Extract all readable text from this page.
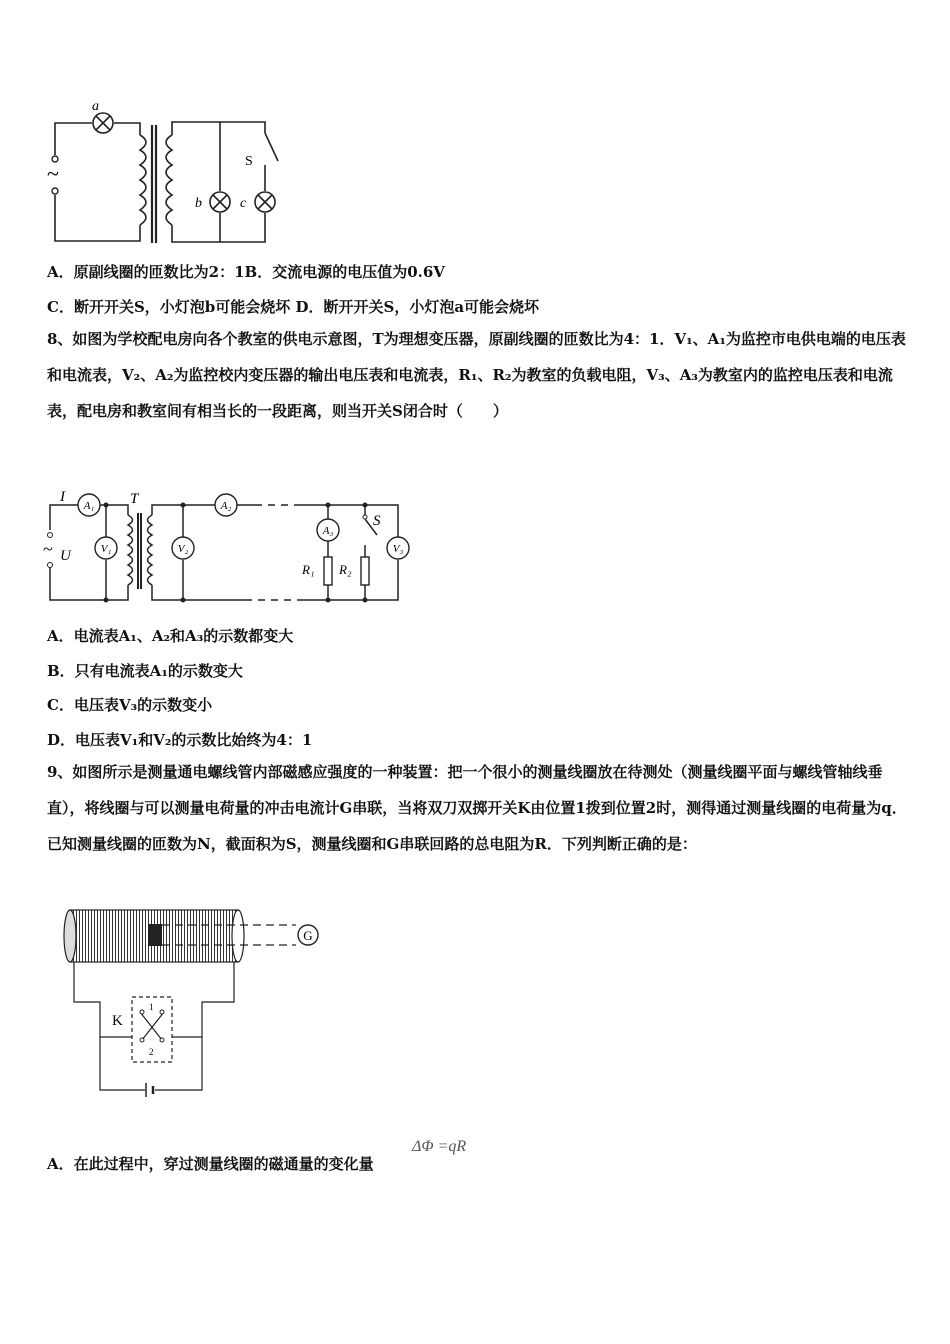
~
a
b	c
S
A．原副线圈的匝数比为2：1B．交流电源的电压值为0.6V
C．断开开关S，小灯泡b可能会烧坏 D．断开开关S，小灯泡a可能会烧坏
8、如图为学校配电房向各个教室的供电示意图，T为理想变压器，原副线圈的匝数比为4：1．V₁、A₁为监控市电供电端的电压表和电流表，V₂、A₂为监控校内变压器的输出电压表和电流表，R₁、R₂为教室的负载电阻，V₃、A₃为教室内的监控电压表和电流表，配电房和教室间有相当长的一段距离，则当开关S闭合时（　　）
A₁
V₁	V₂
A₂
A₃
V₃
I
U
T
S
R₁ R₂
~
A．电流表A₁、A₂和A₃的示数都变大
B．只有电流表A₁的示数变大
C．电压表V₃的示数变小
D．电压表V₁和V₂的示数比始终为4：1
9、如图所示是测量通电螺线管内部磁感应强度的一种装置：把一个很小的测量线圈放在待测处（测量线圈平面与螺线管轴线垂直），将线圈与可以测量电荷量的冲击电流计G串联，当将双刀双掷开关K由位置1拨到位置2时，测得通过测量线圈的电荷量为q．已知测量线圈的匝数为N，截面积为S，测量线圈和G串联回路的总电阻为R．下列判断正确的是：
G
K
1
2
A．在此过程中，穿过测量线圈的磁通量的变化量
ΔΦ =qR
